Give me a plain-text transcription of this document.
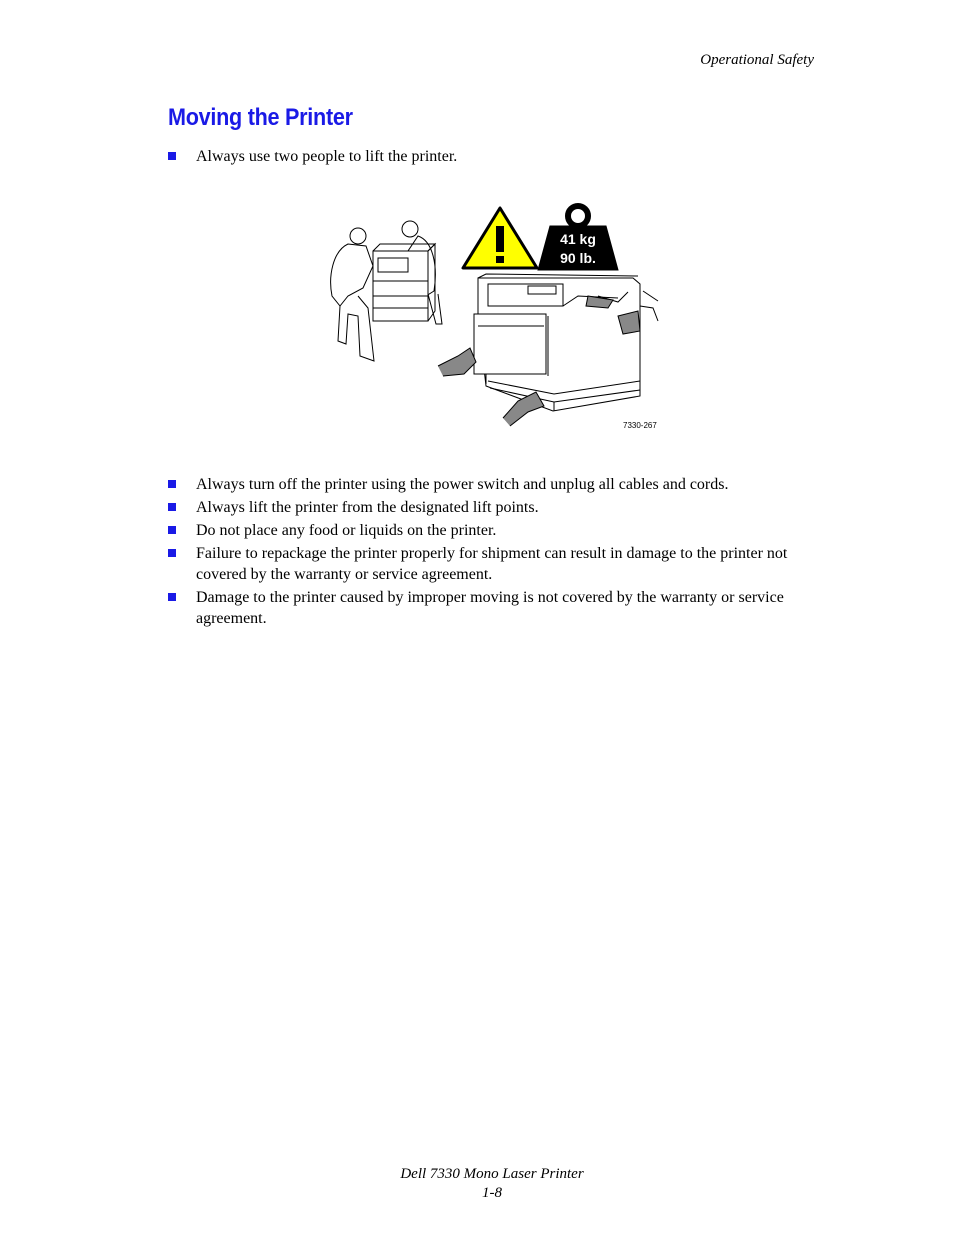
Operational Safety
Moving the Printer
Always use two people to lift the printer.
41 kg
90 lb.
7330-267
Always turn off the printer using the power switch and unplug all cables and cords.
Always lift the printer from the designated lift points.
Do not place any food or liquids on the printer.
Failure to repackage the printer properly for shipment can result in damage to the printer not covered by the warranty or service agreement.
Damage to the printer caused by improper moving is not covered by the warranty or service agreement.
Dell 7330 Mono Laser Printer
1-8
